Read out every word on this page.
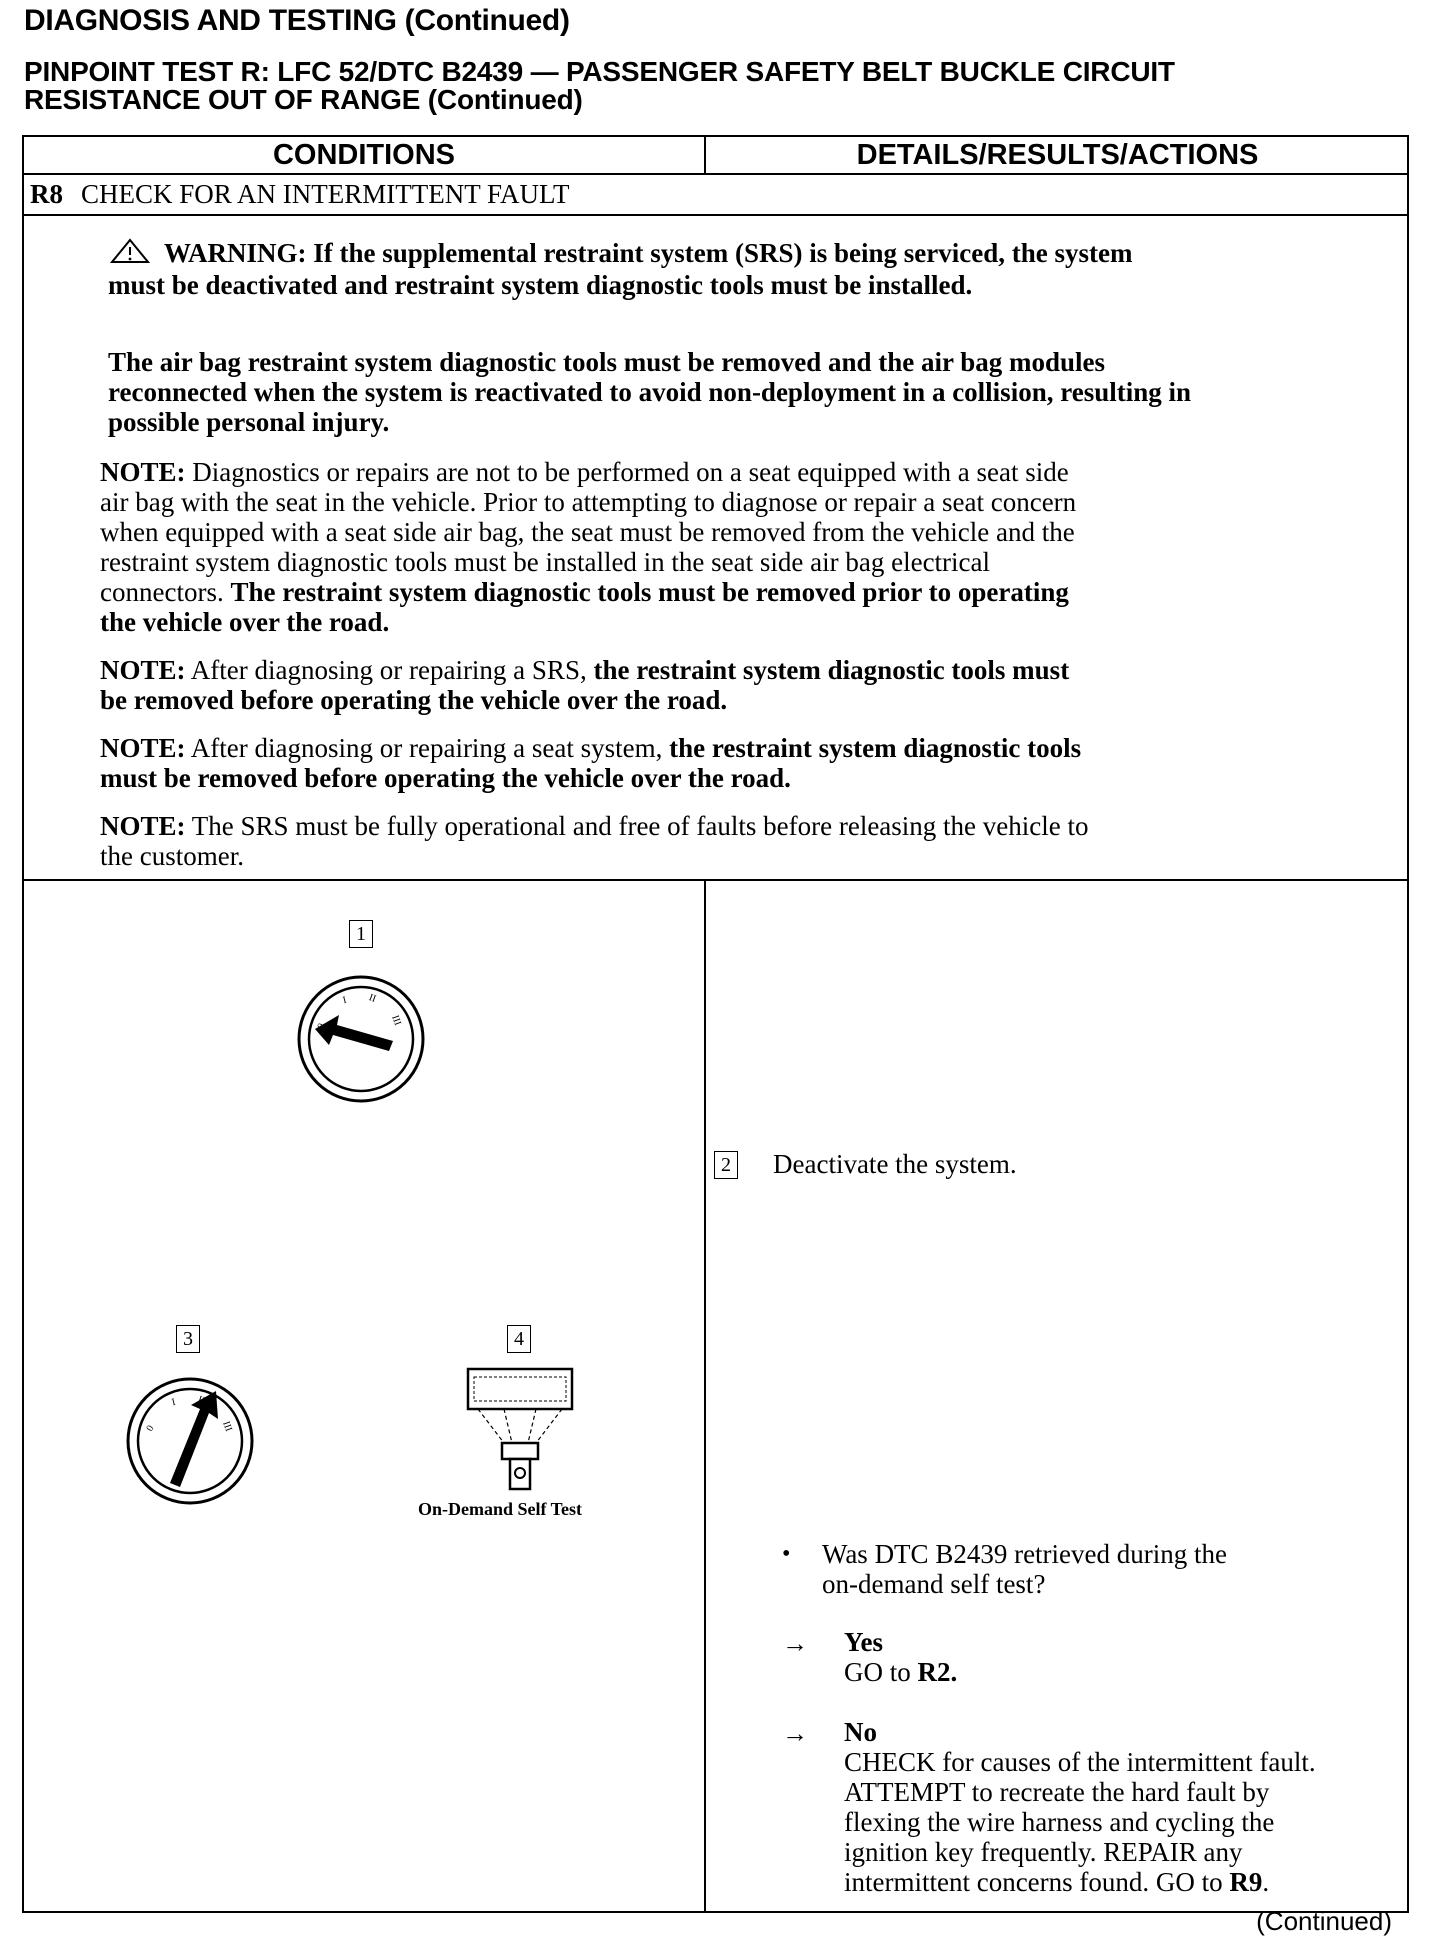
DIAGNOSIS AND TESTING (Continued)
PINPOINT TEST R: LFC 52/DTC B2439 — PASSENGER SAFETY BELT BUCKLE CIRCUIT
RESISTANCE OUT OF RANGE (Continued)
CONDITIONS	DETAILS/RESULTS/ACTIONS
R8 CHECK FOR AN INTERMITTENT FAULT
WARNING: If the supplemental restraint system (SRS) is being serviced, the system
must be deactivated and restraint system diagnostic tools must be installed.
The air bag restraint system diagnostic tools must be removed and the air bag modules
reconnected when the system is reactivated to avoid non-deployment in a collision, resulting in
possible personal injury.
NOTE: Diagnostics or repairs are not to be performed on a seat equipped with a seat side
air bag with the seat in the vehicle. Prior to attempting to diagnose or repair a seat concern
when equipped with a seat side air bag, the seat must be removed from the vehicle and the
restraint system diagnostic tools must be installed in the seat side air bag electrical
connectors. The restraint system diagnostic tools must be removed prior to operating
the vehicle over the road.
NOTE: After diagnosing or repairing a SRS, the restraint system diagnostic tools must
be removed before operating the vehicle over the road.
NOTE: After diagnosing or repairing a seat system, the restraint system diagnostic tools
must be removed before operating the vehicle over the road.
NOTE: The SRS must be fully operational and free of faults before releasing the vehicle to
the customer.
1
0
I II
III
2 Deactivate the system.
3
0
I II
III
4
On-Demand Self Test
• Was DTC B2439 retrieved during the
on-demand self test?
→ Yes
GO to R2.
→ No
CHECK for causes of the intermittent fault.
ATTEMPT to recreate the hard fault by
flexing the wire harness and cycling the
ignition key frequently. REPAIR any
intermittent concerns found. GO to R9.
(Continued)
